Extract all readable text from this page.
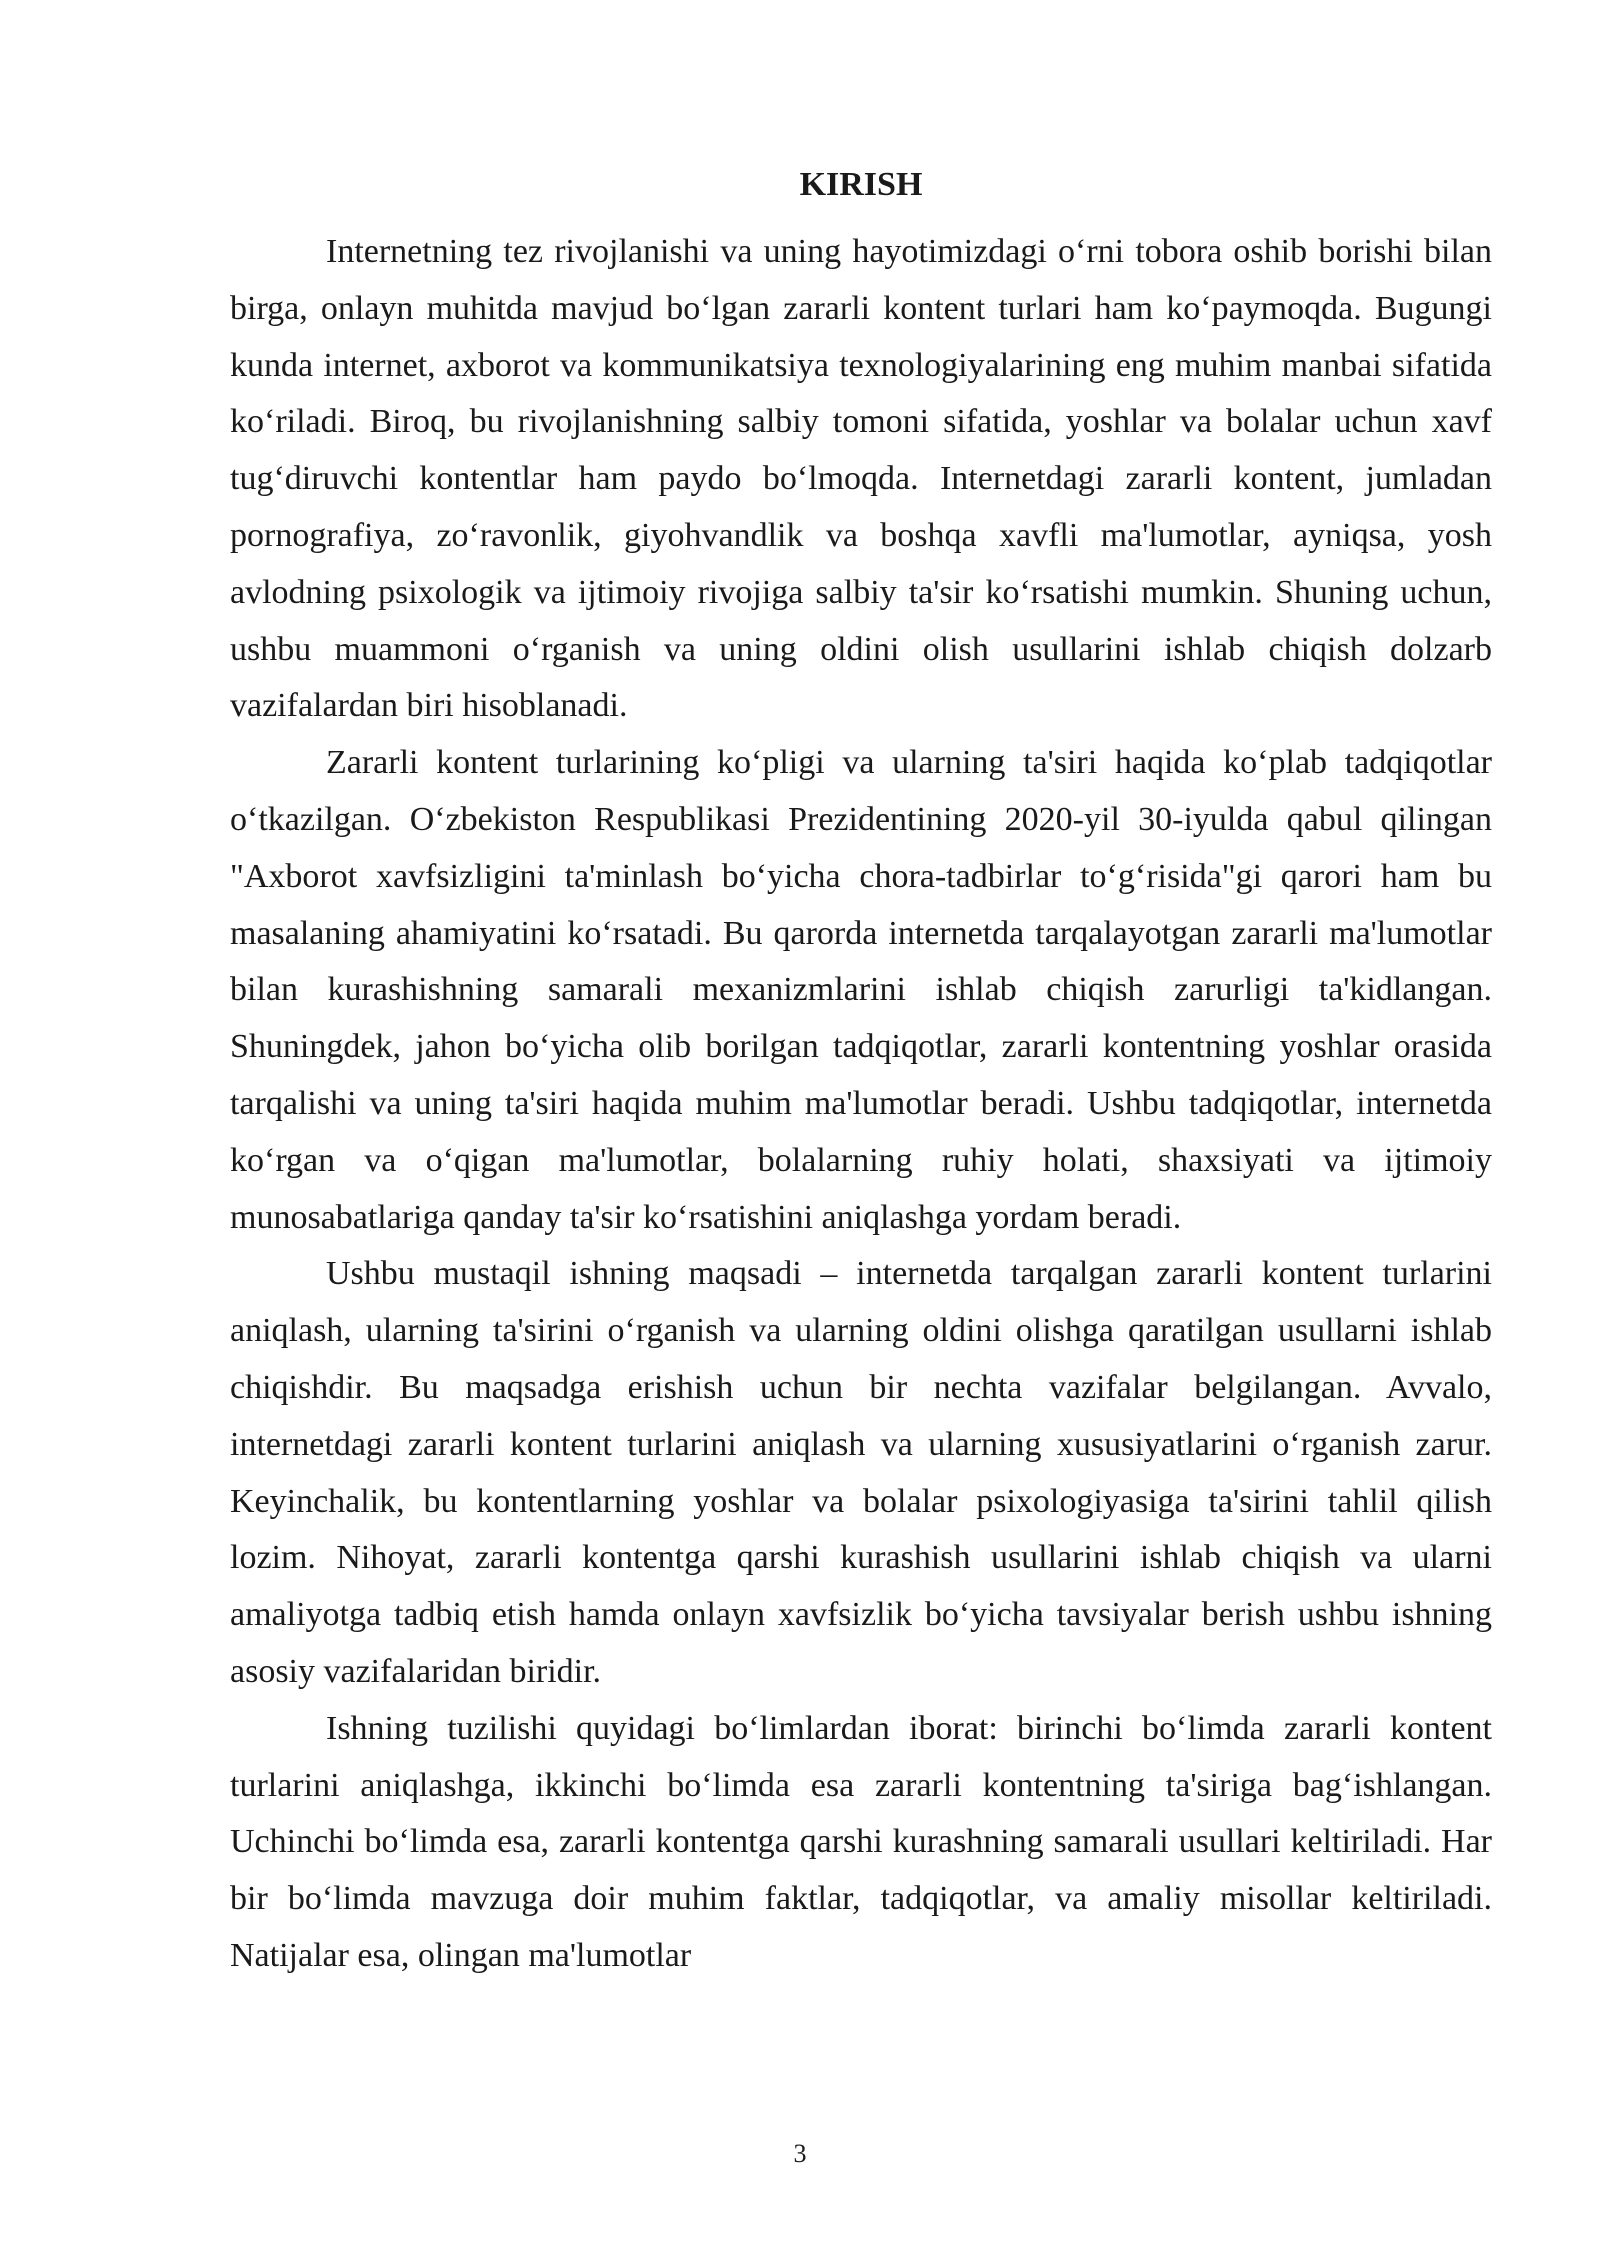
KIRISH

Internetning tez rivojlanishi va uning hayotimizdagi o‘rni tobora oshib borishi bilan birga, onlayn muhitda mavjud bo‘lgan zararli kontent turlari ham ko‘paymoqda. Bugungi kunda internet, axborot va kommunikatsiya texnologiyalarining eng muhim manbai sifatida ko‘riladi. Biroq, bu rivojlanishning salbiy tomoni sifatida, yoshlar va bolalar uchun xavf tug‘diruvchi kontentlar ham paydo bo‘lmoqda. Internetdagi zararli kontent, jumladan pornografiya, zo‘ravonlik, giyohvandlik va boshqa xavfli ma'lumotlar, ayniqsa, yosh avlodning psixologik va ijtimoiy rivojiga salbiy ta'sir ko‘rsatishi mumkin. Shuning uchun, ushbu muammoni o‘rganish va uning oldini olish usullarini ishlab chiqish dolzarb vazifalardan biri hisoblanadi.

Zararli kontent turlarining ko‘pligi va ularning ta'siri haqida ko‘plab tadqiqotlar o‘tkazilgan. O‘zbekiston Respublikasi Prezidentining 2020-yil 30-iyulda qabul qilingan "Axborot xavfsizligini ta'minlash bo‘yicha chora-tadbirlar to‘g‘risida"gi qarori ham bu masalaning ahamiyatini ko‘rsatadi. Bu qarorda internetda tarqalayotgan zararli ma'lumotlar bilan kurashishning samarali mexanizmlarini ishlab chiqish zarurligi ta'kidlangan. Shuningdek, jahon bo‘yicha olib borilgan tadqiqotlar, zararli kontentning yoshlar orasida tarqalishi va uning ta'siri haqida muhim ma'lumotlar beradi. Ushbu tadqiqotlar, internetda ko‘rgan va o‘qigan ma'lumotlar, bolalarning ruhiy holati, shaxsiyati va ijtimoiy munosabatlariga qanday ta'sir ko‘rsatishini aniqlashga yordam beradi.

Ushbu mustaqil ishning maqsadi – internetda tarqalgan zararli kontent turlarini aniqlash, ularning ta'sirini o‘rganish va ularning oldini olishga qaratilgan usullarni ishlab chiqishdir. Bu maqsadga erishish uchun bir nechta vazifalar belgilangan. Avvalo, internetdagi zararli kontent turlarini aniqlash va ularning xususiyatlarini o‘rganish zarur. Keyinchalik, bu kontentlarning yoshlar va bolalar psixologiyasiga ta'sirini tahlil qilish lozim. Nihoyat, zararli kontentga qarshi kurashish usullarini ishlab chiqish va ularni amaliyotga tadbiq etish hamda onlayn xavfsizlik bo‘yicha tavsiyalar berish ushbu ishning asosiy vazifalaridan biridir.

Ishning tuzilishi quyidagi bo‘limlardan iborat: birinchi bo‘limda zararli kontent turlarini aniqlashga, ikkinchi bo‘limda esa zararli kontentning ta'siriga bag‘ishlangan. Uchinchi bo‘limda esa, zararli kontentga qarshi kurashning samarali usullari keltiriladi. Har bir bo‘limda mavzuga doir muhim faktlar, tadqiqotlar, va amaliy misollar keltiriladi. Natijalar esa, olingan ma'lumotlar

3
